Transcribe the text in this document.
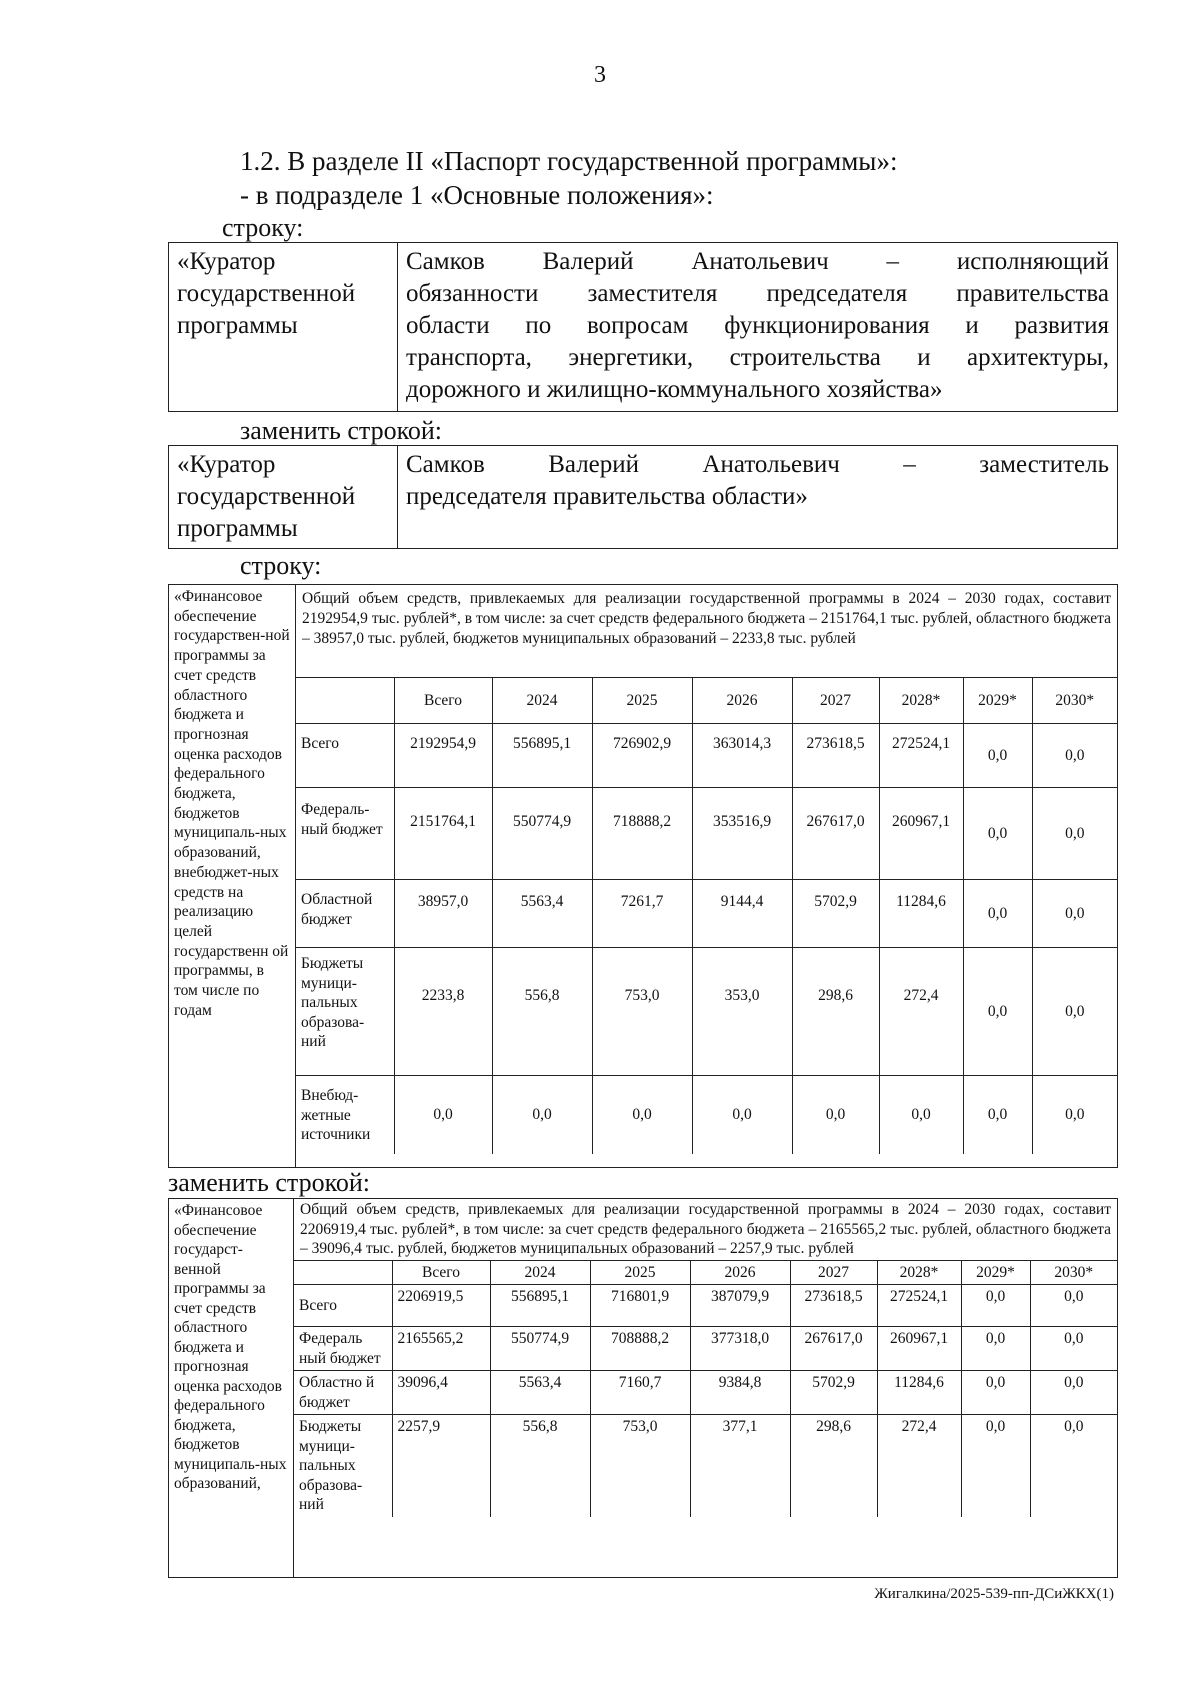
3
1.2. В разделе II «Паспорт государственной программы»:
- в подразделе 1 «Основные положения»:
строку:
«Куратор государственной программы	
Самков Валерий Анатольевич – исполняющий
обязанности заместителя председателя правительства
области по вопросам функционирования и развития
транспорта, энергетики, строительства и архитектуры,
дорожного и жилищно-коммунального хозяйства»
заменить строкой:
«Куратор государственной программы	
Самков Валерий Анатольевич – заместитель
председателя правительства области»
строку:
«Финансовое обеспечение государствен-ной программы за счет средств областного бюджета и прогнозная оценка расходов федерального бюджета, бюджетов муниципаль-ных образований, внебюджет-ных средств на реализацию целей государственн ой программы, в том числе по годам	
Общий объем средств, привлекаемых для реализации государственной программы в 2024 – 2030 годах, составит 2192954,9 тыс. рублей*, в том числе: за счет средств федерального бюджета – 2151764,1 тыс. рублей, областного бюджета – 38957,0 тыс. рублей, бюджетов муниципальных образований – 2233,8 тыс. рублей
	Всего	2024	2025	2026	2027	2028*	2029*	2030*
Всего	2192954,9	556895,1	726902,9	363014,3	273618,5	272524,1	0,0	0,0
Федераль-ный бюджет	2151764,1	550774,9	718888,2	353516,9	267617,0	260967,1	0,0	0,0
Областной бюджет	38957,0	5563,4	7261,7	9144,4	5702,9	11284,6	0,0	0,0
Бюджеты муници-пальных образова-ний	2233,8	556,8	753,0	353,0	298,6	272,4	0,0	0,0
Внебюд-жетные источники	0,0	0,0	0,0	0,0	0,0	0,0	0,0	0,0
заменить строкой:
«Финансовое обеспечение государст-венной программы за счет средств областного бюджета и прогнозная оценка расходов федерального бюджета, бюджетов муниципаль-ных образований,	
Общий объем средств, привлекаемых для реализации государственной программы в 2024 – 2030 годах, составит 2206919,4 тыс. рублей*, в том числе: за счет средств федерального бюджета – 2165565,2 тыс. рублей, областного бюджета – 39096,4 тыс. рублей, бюджетов муниципальных образований – 2257,9 тыс. рублей
	Всего	2024	2025	2026	2027	2028*	2029*	2030*
Всего	2206919,5	556895,1	716801,9	387079,9	273618,5	272524,1	0,0	0,0
Федераль ный бюджет	2165565,2	550774,9	708888,2	377318,0	267617,0	260967,1	0,0	0,0
Областно й бюджет	39096,4	5563,4	7160,7	9384,8	5702,9	11284,6	0,0	0,0
Бюджеты муници-пальных образова-ний	2257,9	556,8	753,0	377,1	298,6	272,4	0,0	0,0
Жигалкина/2025-539-пп-ДСиЖКХ(1)
